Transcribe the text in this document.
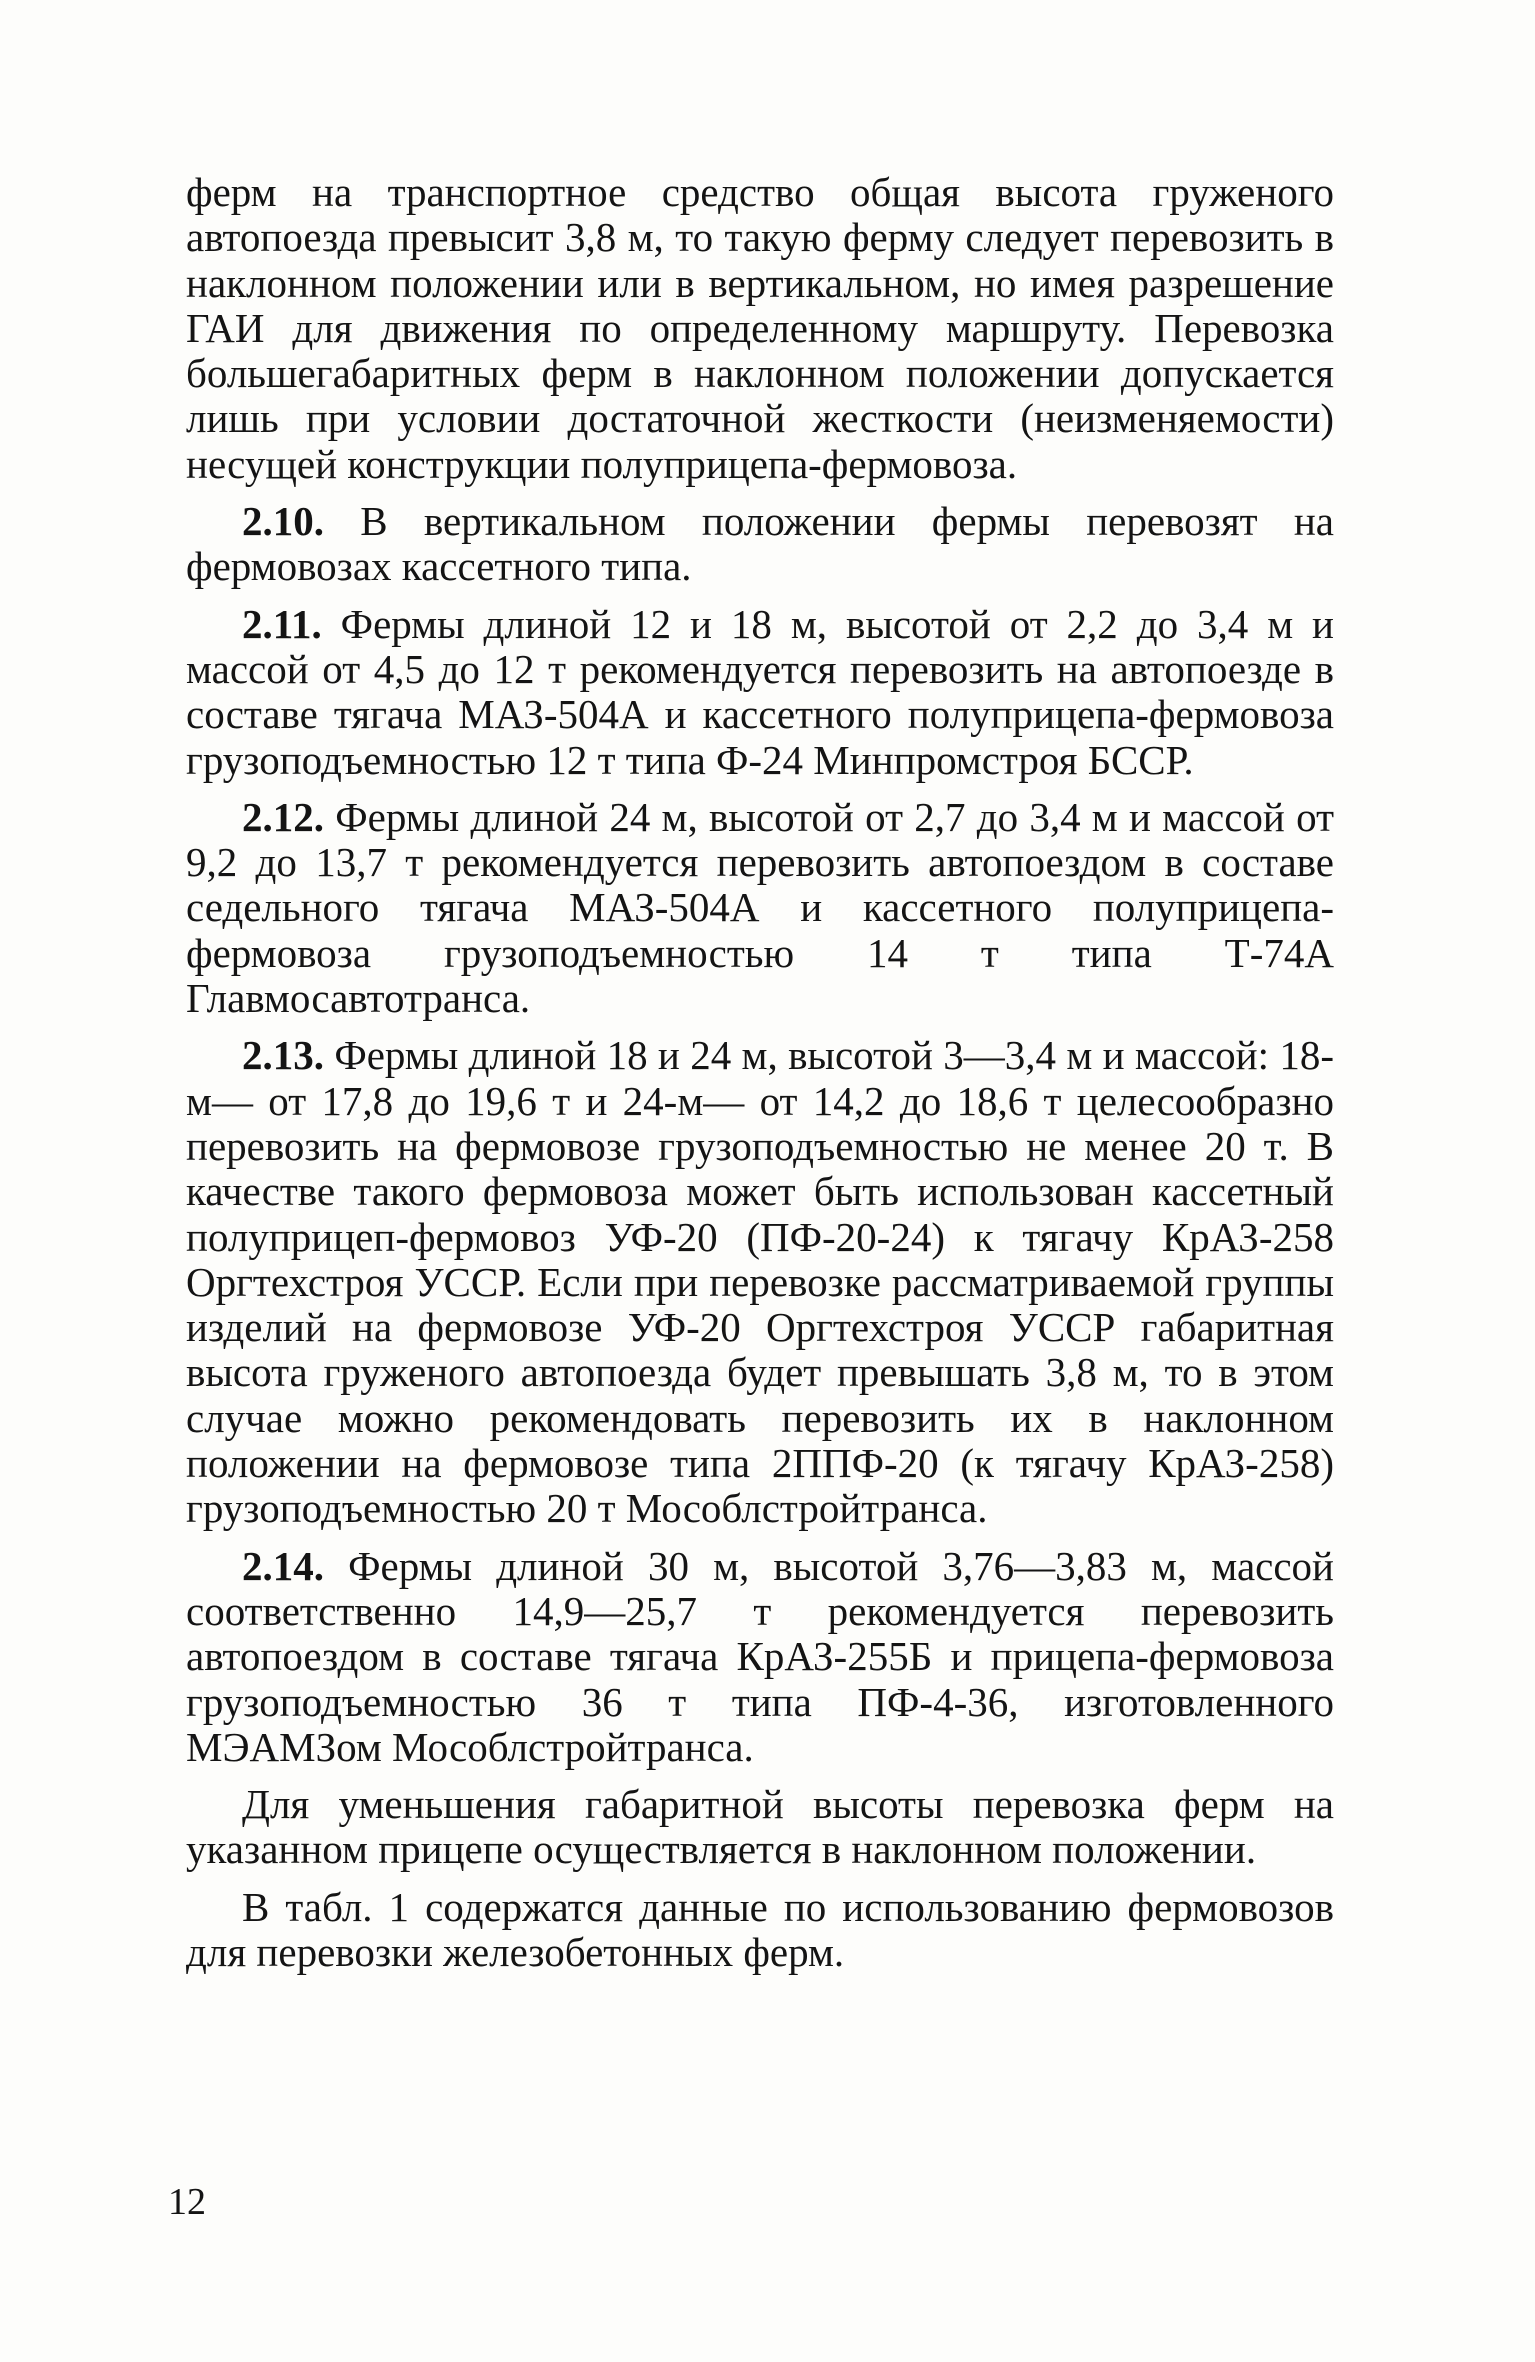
ферм на транспортное средство общая высота груженого автопоезда превысит 3,8 м, то такую ферму следует перевозить в наклонном положении или в вертикальном, но имея разрешение ГАИ для движения по определенному маршруту. Перевозка большегабаритных ферм в наклонном положении допускается лишь при условии достаточной жесткости (неизменяемости) несущей конструкции полуприцепа-фермовоза.

2.10. В вертикальном положении фермы перевозят на фермовозах кассетного типа.

2.11. Фермы длиной 12 и 18 м, высотой от 2,2 до 3,4 м и массой от 4,5 до 12 т рекомендуется перевозить на автопоезде в составе тягача МАЗ-504А и кассетного полуприцепа-фермовоза грузоподъемностью 12 т типа Ф-24 Минпромстроя БССР.

2.12. Фермы длиной 24 м, высотой от 2,7 до 3,4 м и массой от 9,2 до 13,7 т рекомендуется перевозить автопоездом в составе седельного тягача МАЗ-504А и кассетного полуприцепа-фермовоза грузоподъемностью 14 т типа Т-74А Главмосавтотранса.

2.13. Фермы длиной 18 и 24 м, высотой 3—3,4 м и массой: 18-м— от 17,8 до 19,6 т и 24-м— от 14,2 до 18,6 т целесообразно перевозить на фермовозе грузоподъемностью не менее 20 т. В качестве такого фермовоза может быть использован кассетный полуприцеп-фермовоз УФ-20 (ПФ-20-24) к тягачу КрАЗ-258 Оргтехстроя УССР. Если при перевозке рассматриваемой группы изделий на фермовозе УФ-20 Оргтехстроя УССР габаритная высота груженого автопоезда будет превышать 3,8 м, то в этом случае можно рекомендовать перевозить их в наклонном положении на фермовозе типа 2ППФ-20 (к тягачу КрАЗ-258) грузоподъемностью 20 т Мособлстройтранса.

2.14. Фермы длиной 30 м, высотой 3,76—3,83 м, массой соответственно 14,9—25,7 т рекомендуется перевозить автопоездом в составе тягача КрАЗ-255Б и прицепа-фермовоза грузоподъемностью 36 т типа ПФ-4-36, изготовленного МЭАМЗом Мособлстройтранса.

Для уменьшения габаритной высоты перевозка ферм на указанном прицепе осуществляется в наклонном положении.

В табл. 1 содержатся данные по использованию фермовозов для перевозки железобетонных ферм.

12
